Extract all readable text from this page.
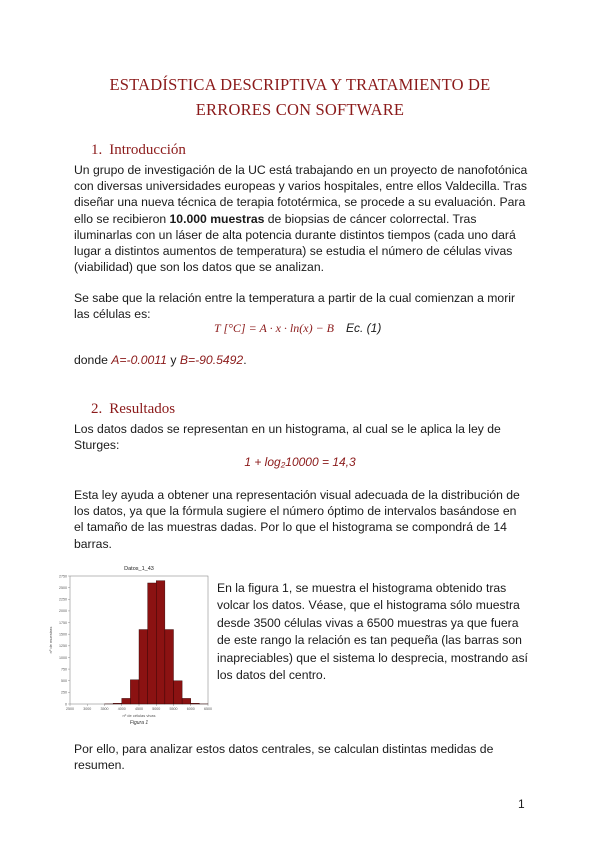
ESTADÍSTICA DESCRIPTIVA Y TRATAMIENTO DE
ERRORES CON SOFTWARE
1. Introducción
Un grupo de investigación de la UC está trabajando en un proyecto de nanofotónica con diversas universidades europeas y varios hospitales, entre ellos Valdecilla. Tras diseñar una nueva técnica de terapia fototérmica, se procede a su evaluación. Para ello se recibieron 10.000 muestras de biopsias de cáncer colorrectal. Tras iluminarlas con un láser de alta potencia durante distintos tiempos (cada uno dará lugar a distintos aumentos de temperatura) se estudia el número de células vivas (viabilidad) que son los datos que se analizan.
Se sabe que la relación entre la temperatura a partir de la cual comienzan a morir las células es:
T [°C] = A · x · ln(x) − B Ec. (1)
donde A=-0.0011 y B=-90.5492.
2. Resultados
Los datos dados se representan en un histograma, al cual se le aplica la ley de Sturges:
1 + log₂10000 = 14,3
Esta ley ayuda a obtener una representación visual adecuada de la distribución de los datos, ya que la fórmula sugiere el número óptimo de intervalos basándose en el tamaño de las muestras dadas. Por lo que el histograma se compondrá de 14 barras.
Datos_1_43
0
250
500
750
1000
1250
1500
1750
2000
2250
2500
2750
2500	3000	3500	4000	4500	5000	5500	6000	6500
nº de muestras
nº de células vivas
Figura 1
En la figura 1, se muestra el histograma obtenido tras volcar los datos. Véase, que el histograma sólo muestra desde 3500 células vivas a 6500 muestras ya que fuera de este rango la relación es tan pequeña (las barras son inapreciables) que el sistema lo desprecia, mostrando así los datos del centro.
Por ello, para analizar estos datos centrales, se calculan distintas medidas de resumen.
1
